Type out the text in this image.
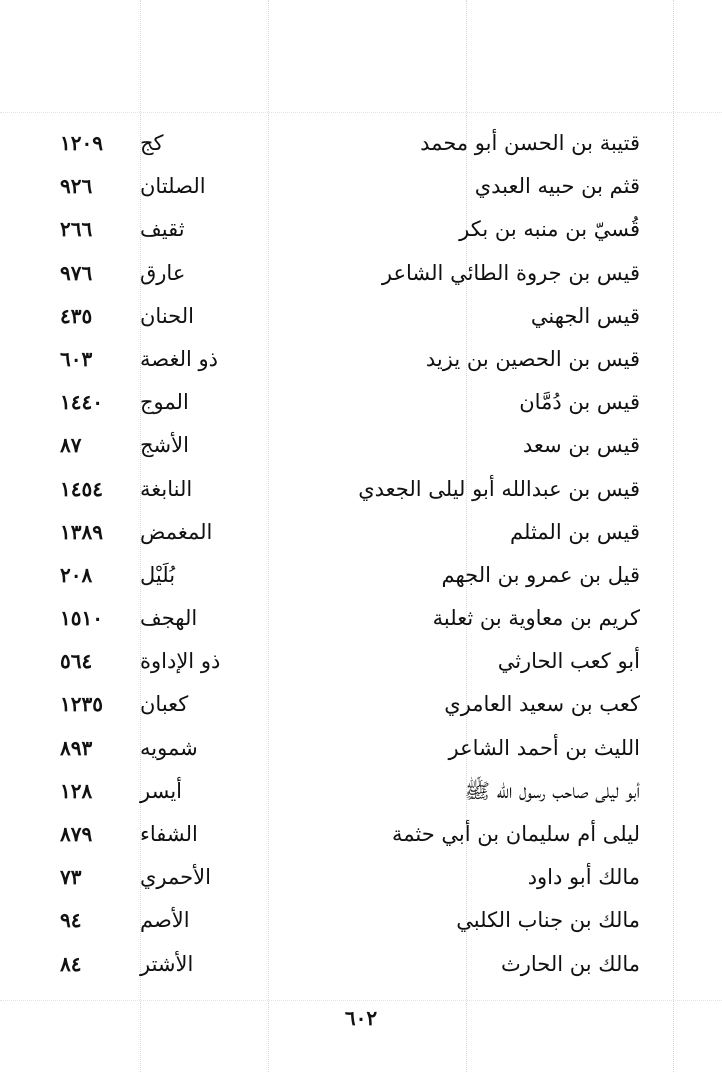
قتيبة بن الحسن أبو محمد
كج
١٢٠٩
قثم بن حبيه العبدي
الصلتان
٩٢٦
قُسيّ بن منبه بن بكر
ثقيف
٢٦٦
قيس بن جروة الطائي الشاعر
عارق
٩٧٦
قيس الجهني
الحنان
٤٣٥
قيس بن الحصين بن يزيد
ذو الغصة
٦٠٣
قيس بن دُمَّان
الموج
١٤٤٠
قيس بن سعد
الأشج
٨٧
قيس بن عبدالله أبو ليلى الجعدي
النابغة
١٤٥٤
قيس بن المثلم
المغمض
١٣٨٩
قيل بن عمرو بن الجهم
بُلَيْل
٢٠٨
كريم بن معاوية بن ثعلبة
الهجف
١٥١٠
أبو كعب الحارثي
ذو الإداوة
٥٦٤
كعب بن سعيد العامري
كعبان
١٢٣٥
الليث بن أحمد الشاعر
شمويه
٨٩٣
أبو ليلى صاحب رسول الله ﷺ
أيسر
١٢٨
ليلى أم سليمان بن أبي حثمة
الشفاء
٨٧٩
مالك أبو داود
الأحمري
٧٣
مالك بن جناب الكلبي
الأصم
٩٤
مالك بن الحارث
الأشتر
٨٤
٦٠٢
